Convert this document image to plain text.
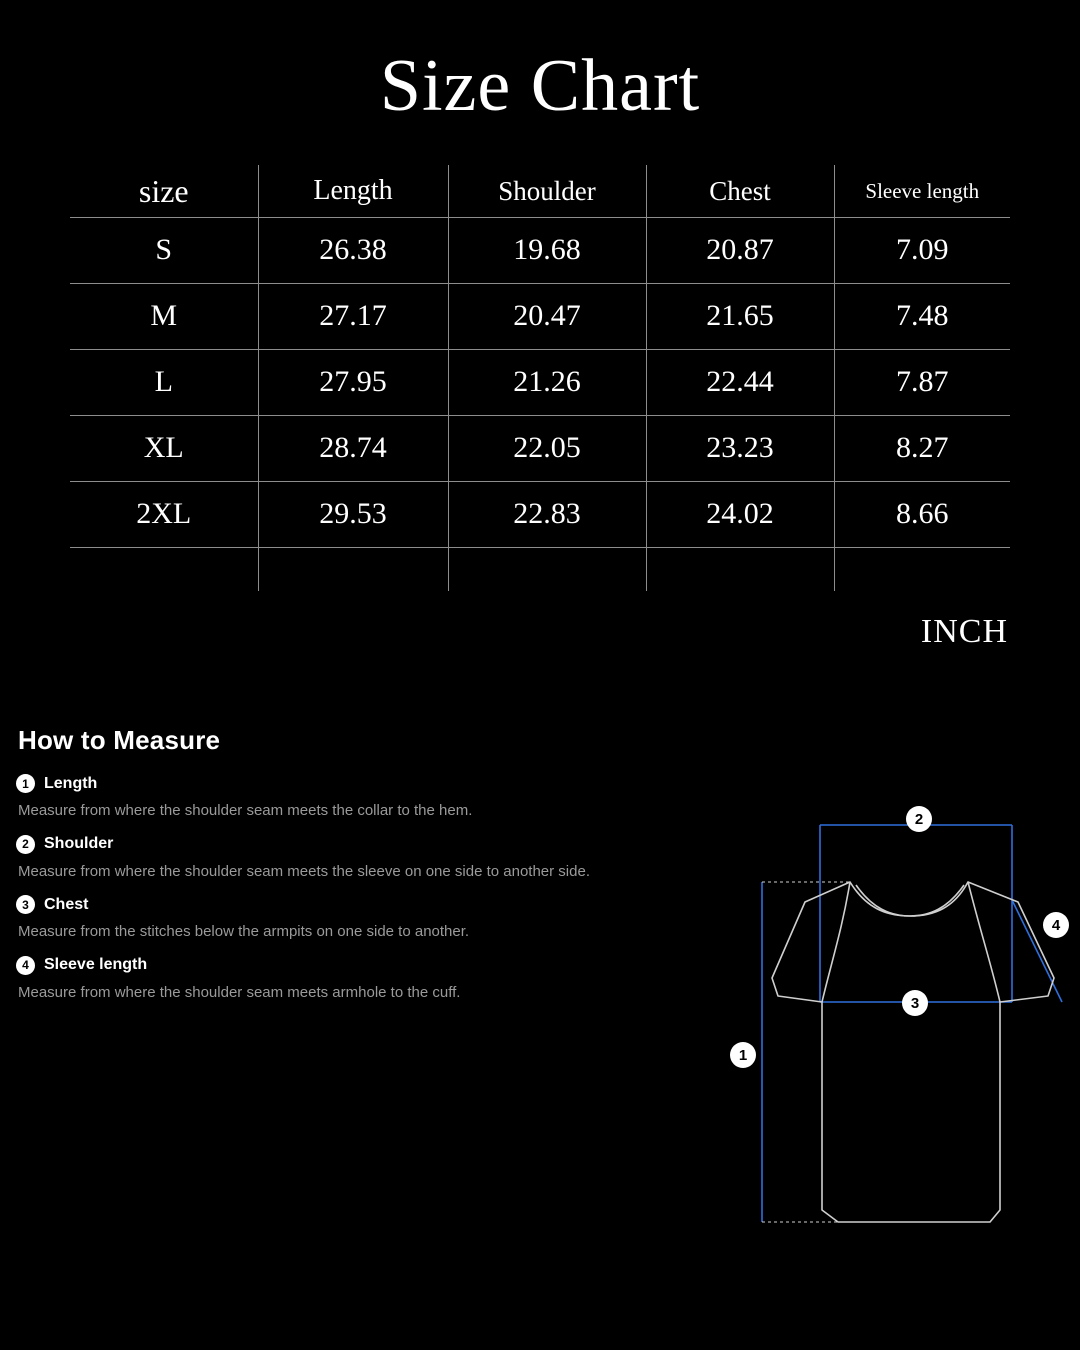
Size Chart
size	Length	Shoulder	Chest	Sleeve length
S	26.38	19.68	20.87	7.09
M	27.17	20.47	21.65	7.48
L	27.95	21.26	22.44	7.87
XL	28.74	22.05	23.23	8.27
2XL	29.53	22.83	24.02	8.66

INCH
How to Measure
1 Length
Measure from where the shoulder seam meets the collar to the hem.
2 Shoulder
Measure from where the shoulder seam meets the sleeve on one side to another side.
3 Chest
Measure from the stitches below the armpits on one side to another.
4 Sleeve length
Measure from where the shoulder seam meets armhole to the cuff.
1
2
3
4
